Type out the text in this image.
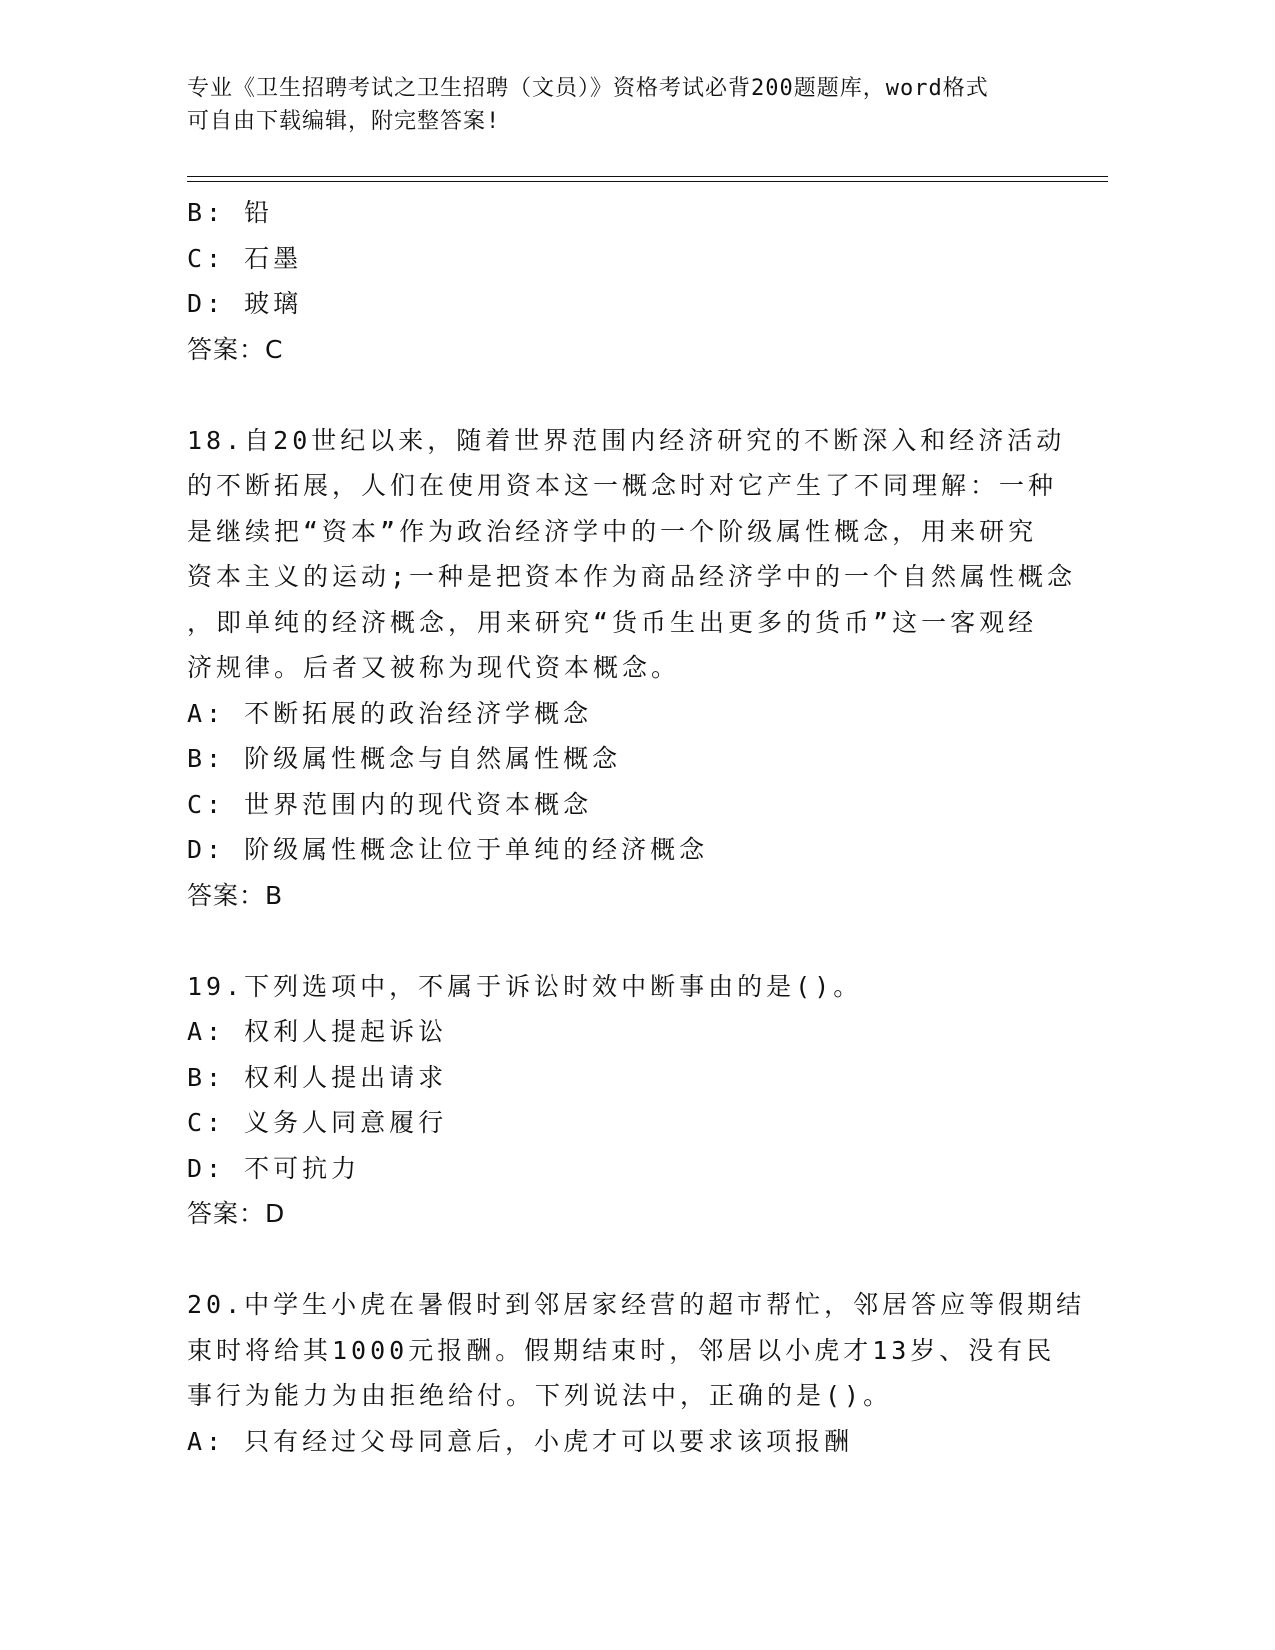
专业《卫生招聘考试之卫生招聘（文员）》资格考试必背200题题库，word格式
可自由下载编辑，附完整答案!
B: 铅
C: 石墨
D: 玻璃
答案：C
18.自20世纪以来，随着世界范围内经济研究的不断深入和经济活动
的不断拓展，人们在使用资本这一概念时对它产生了不同理解：一种
是继续把“资本”作为政治经济学中的一个阶级属性概念，用来研究
资本主义的运动;一种是把资本作为商品经济学中的一个自然属性概念
，即单纯的经济概念，用来研究“货币生出更多的货币”这一客观经
济规律。后者又被称为现代资本概念。
A: 不断拓展的政治经济学概念
B: 阶级属性概念与自然属性概念
C: 世界范围内的现代资本概念
D: 阶级属性概念让位于单纯的经济概念
答案：B
19.下列选项中，不属于诉讼时效中断事由的是()。
A: 权利人提起诉讼
B: 权利人提出请求
C: 义务人同意履行
D: 不可抗力
答案：D
20.中学生小虎在暑假时到邻居家经营的超市帮忙，邻居答应等假期结
束时将给其1000元报酬。假期结束时，邻居以小虎才13岁、没有民
事行为能力为由拒绝给付。下列说法中，正确的是()。
A: 只有经过父母同意后，小虎才可以要求该项报酬
